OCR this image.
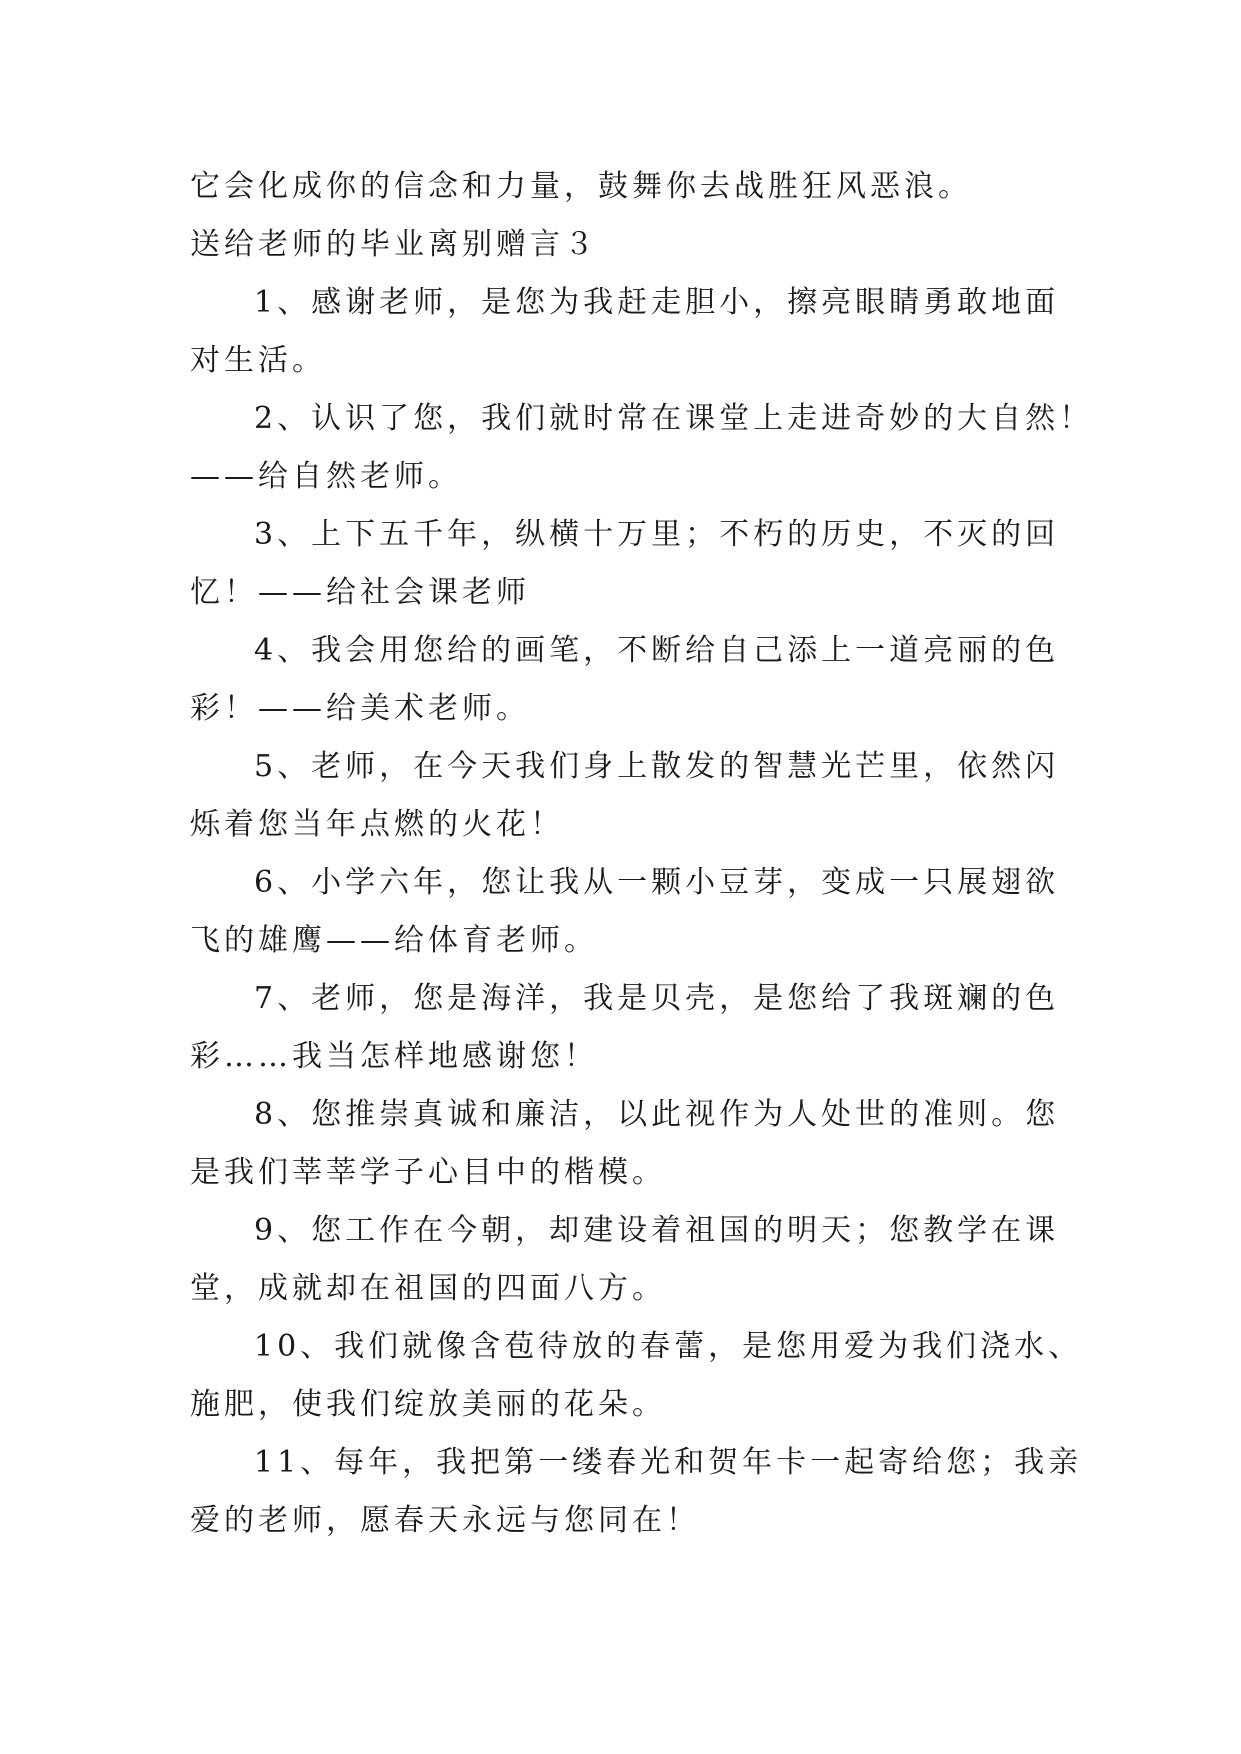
它会化成你的信念和力量，鼓舞你去战胜狂风恶浪。
送给老师的毕业离别赠言３
1、感谢老师，是您为我赶走胆小，擦亮眼睛勇敢地面
对生活。
2、认识了您，我们就时常在课堂上走进奇妙的大自然！
——给自然老师。
3、上下五千年，纵横十万里；不朽的历史，不灭的回
忆！——给社会课老师
4、我会用您给的画笔，不断给自己添上一道亮丽的色
彩！——给美术老师。
5、老师，在今天我们身上散发的智慧光芒里，依然闪
烁着您当年点燃的火花！
6、小学六年，您让我从一颗小豆芽，变成一只展翅欲
飞的雄鹰——给体育老师。
7、老师，您是海洋，我是贝壳，是您给了我斑斓的色
彩……我当怎样地感谢您！
8、您推崇真诚和廉洁，以此视作为人处世的准则。您
是我们莘莘学子心目中的楷模。
9、您工作在今朝，却建设着祖国的明天；您教学在课
堂，成就却在祖国的四面八方。
10、我们就像含苞待放的春蕾，是您用爱为我们浇水、
施肥，使我们绽放美丽的花朵。
11、每年，我把第一缕春光和贺年卡一起寄给您；我亲
爱的老师，愿春天永远与您同在！
